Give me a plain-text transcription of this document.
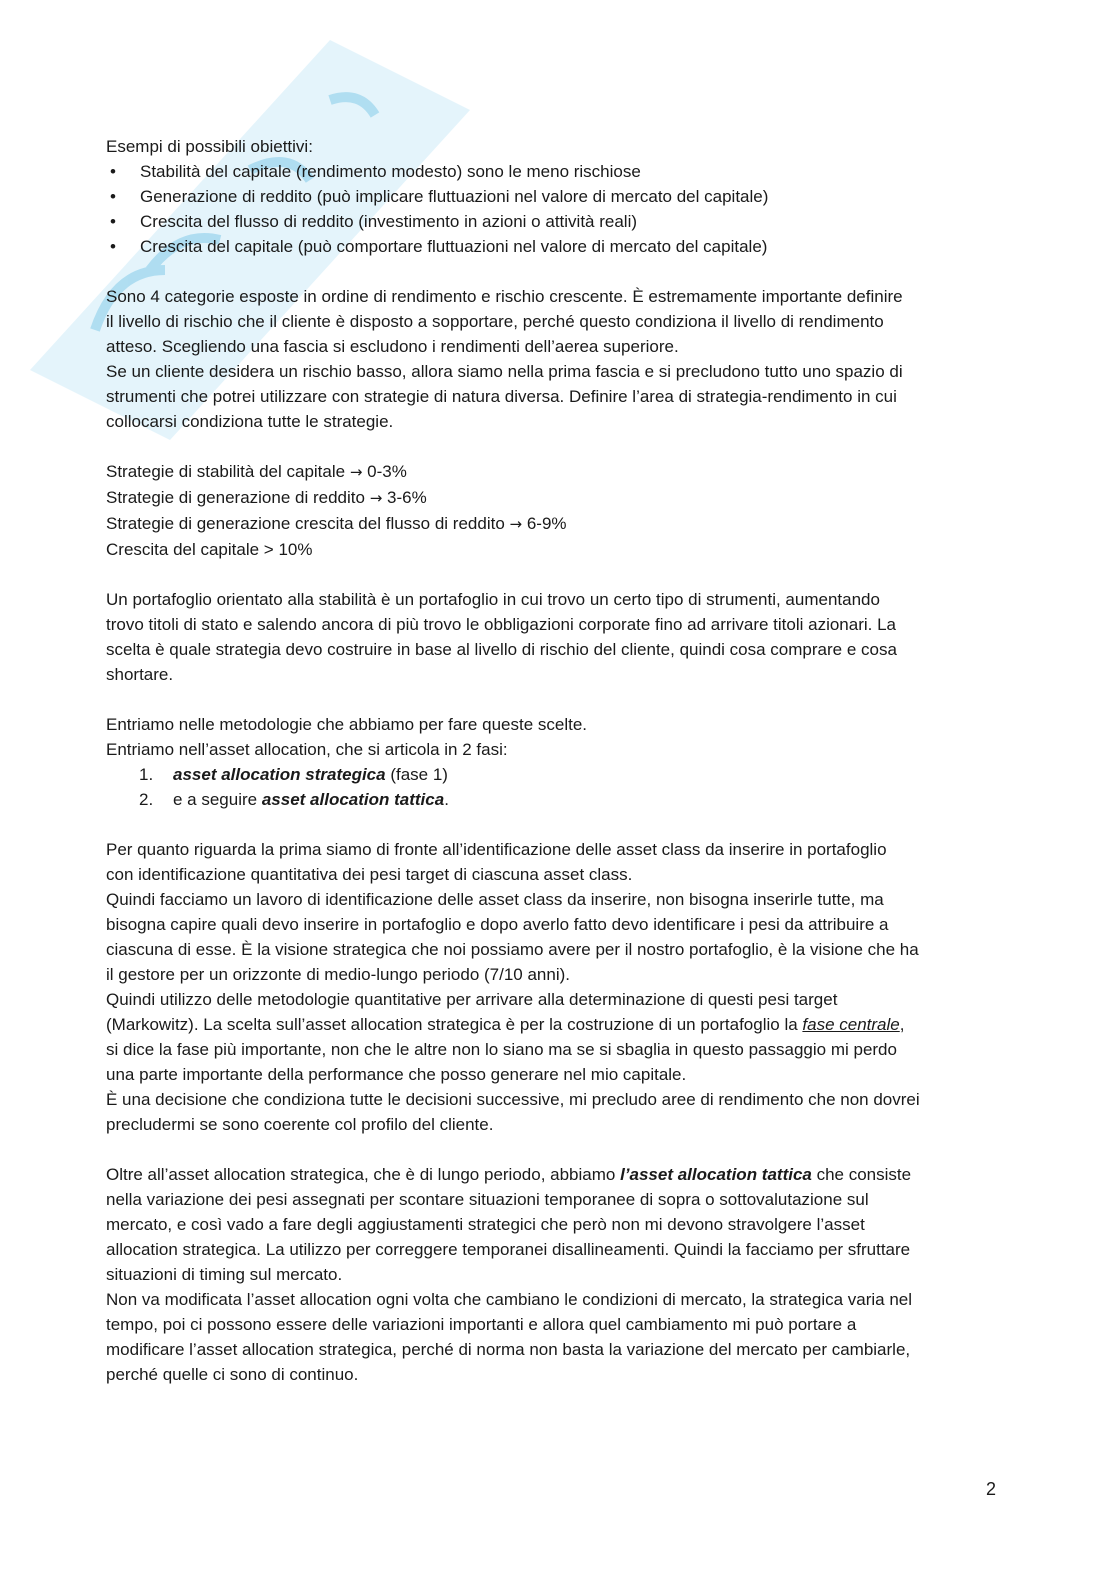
Esempi di possibili obiettivi:

• Stabilità del capitale (rendimento modesto) sono le meno rischiose
• Generazione di reddito (può implicare fluttuazioni nel valore di mercato del capitale)
• Crescita del flusso di reddito (investimento in azioni o attività reali)
• Crescita del capitale (può comportare fluttuazioni nel valore di mercato del capitale)

Sono 4 categorie esposte in ordine di rendimento e rischio crescente. È estremamente importante definire

il livello di rischio che il cliente è disposto a sopportare, perché questo condiziona il livello di rendimento

atteso. Scegliendo una fascia si escludono i rendimenti dell’aerea superiore.

Se un cliente desidera un rischio basso, allora siamo nella prima fascia e si precludono tutto uno spazio di

strumenti che potrei utilizzare con strategie di natura diversa. Definire l’area di strategia-rendimento in cui

collocarsi condiziona tutte le strategie.

Strategie di stabilità del capitale → 0-3%

Strategie di generazione di reddito → 3-6%

Strategie di generazione crescita del flusso di reddito → 6-9%

Crescita del capitale > 10%

Un portafoglio orientato alla stabilità è un portafoglio in cui trovo un certo tipo di strumenti, aumentando

trovo titoli di stato e salendo ancora di più trovo le obbligazioni corporate fino ad arrivare titoli azionari. La

scelta è quale strategia devo costruire in base al livello di rischio del cliente, quindi cosa comprare e cosa

shortare.

Entriamo nelle metodologie che abbiamo per fare queste scelte.

Entriamo nell’asset allocation, che si articola in 2 fasi:

1. asset allocation strategica (fase 1)
2. e a seguire asset allocation tattica.

Per quanto riguarda la prima siamo di fronte all’identificazione delle asset class da inserire in portafoglio

con identificazione quantitativa dei pesi target di ciascuna asset class.

Quindi facciamo un lavoro di identificazione delle asset class da inserire, non bisogna inserirle tutte, ma

bisogna capire quali devo inserire in portafoglio e dopo averlo fatto devo identificare i pesi da attribuire a

ciascuna di esse. È la visione strategica che noi possiamo avere per il nostro portafoglio, è la visione che ha

il gestore per un orizzonte di medio-lungo periodo (7/10 anni).

Quindi utilizzo delle metodologie quantitative per arrivare alla determinazione di questi pesi target

(Markowitz). La scelta sull’asset allocation strategica è per la costruzione di un portafoglio la fase centrale,

si dice la fase più importante, non che le altre non lo siano ma se si sbaglia in questo passaggio mi perdo

una parte importante della performance che posso generare nel mio capitale.

È una decisione che condiziona tutte le decisioni successive, mi precludo aree di rendimento che non dovrei

precludermi se sono coerente col profilo del cliente.

Oltre all’asset allocation strategica, che è di lungo periodo, abbiamo l’asset allocation tattica che consiste

nella variazione dei pesi assegnati per scontare situazioni temporanee di sopra o sottovalutazione sul

mercato, e così vado a fare degli aggiustamenti strategici che però non mi devono stravolgere l’asset

allocation strategica. La utilizzo per correggere temporanei disallineamenti. Quindi la facciamo per sfruttare

situazioni di timing sul mercato.

Non va modificata l’asset allocation ogni volta che cambiano le condizioni di mercato, la strategica varia nel

tempo, poi ci possono essere delle variazioni importanti e allora quel cambiamento mi può portare a

modificare l’asset allocation strategica, perché di norma non basta la variazione del mercato per cambiarle,

perché quelle ci sono di continuo.

2
